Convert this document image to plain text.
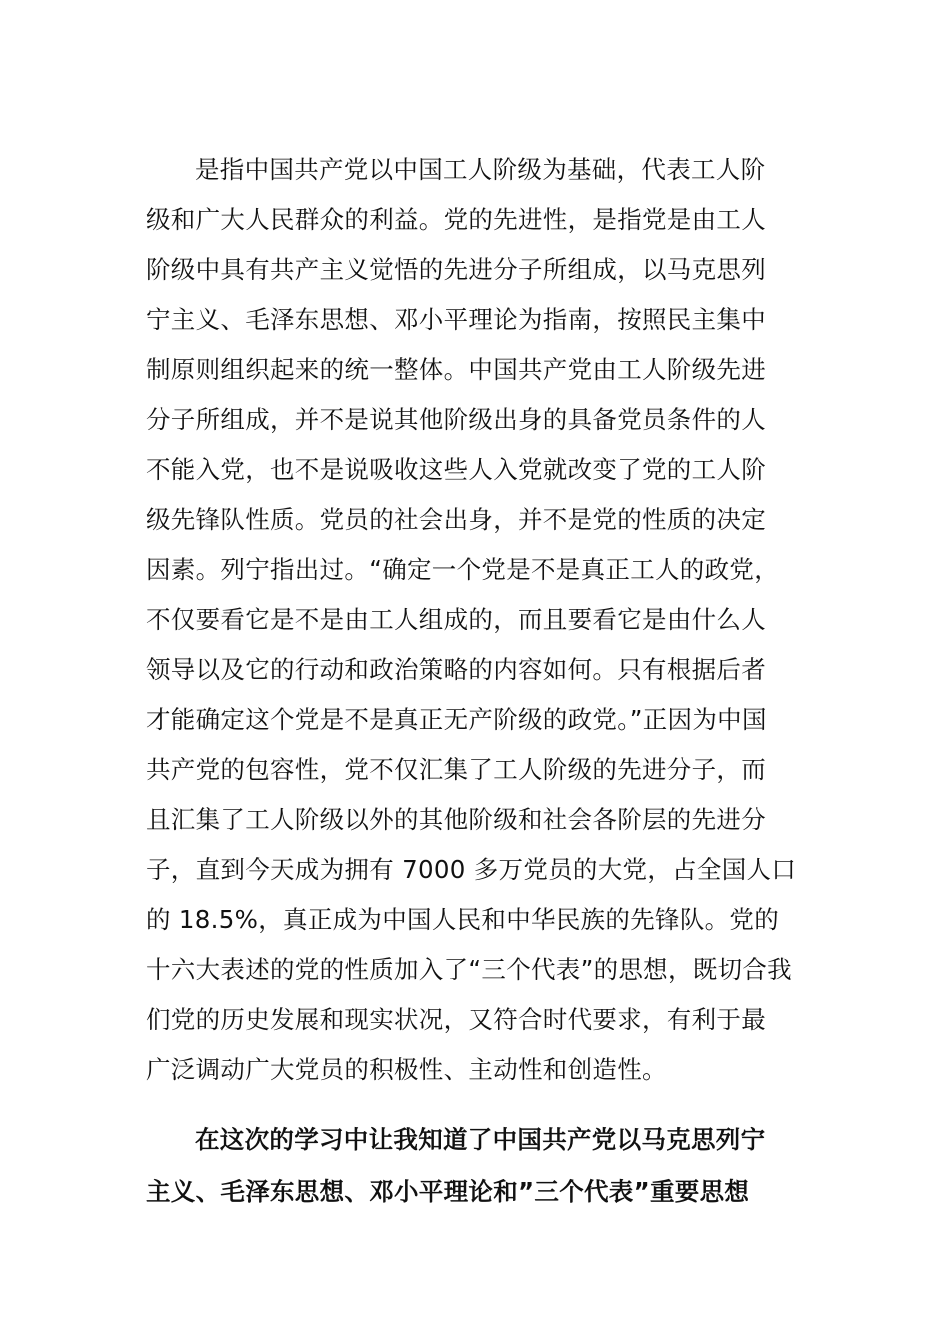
是指中国共产党以中国工人阶级为基础，代表工人阶
级和广大人民群众的利益。党的先进性，是指党是由工人
阶级中具有共产主义觉悟的先进分子所组成，以马克思列
宁主义、毛泽东思想、邓小平理论为指南，按照民主集中
制原则组织起来的统一整体。中国共产党由工人阶级先进
分子所组成，并不是说其他阶级出身的具备党员条件的人
不能入党，也不是说吸收这些人入党就改变了党的工人阶
级先锋队性质。党员的社会出身，并不是党的性质的决定
因素。列宁指出过。“确定一个党是不是真正工人的政党，
不仅要看它是不是由工人组成的，而且要看它是由什么人
领导以及它的行动和政治策略的内容如何。只有根据后者
才能确定这个党是不是真正无产阶级的政党。”正因为中国
共产党的包容性，党不仅汇集了工人阶级的先进分子，而
且汇集了工人阶级以外的其他阶级和社会各阶层的先进分
子，直到今天成为拥有 7000 多万党员的大党，占全国人口
的 18.5%，真正成为中国人民和中华民族的先锋队。党的
十六大表述的党的性质加入了“三个代表”的思想，既切合我
们党的历史发展和现实状况，又符合时代要求，有利于最
广泛调动广大党员的积极性、主动性和创造性。
在这次的学习中让我知道了中国共产党以马克思列宁
主义、毛泽东思想、邓小平理论和”三个代表”重要思想
